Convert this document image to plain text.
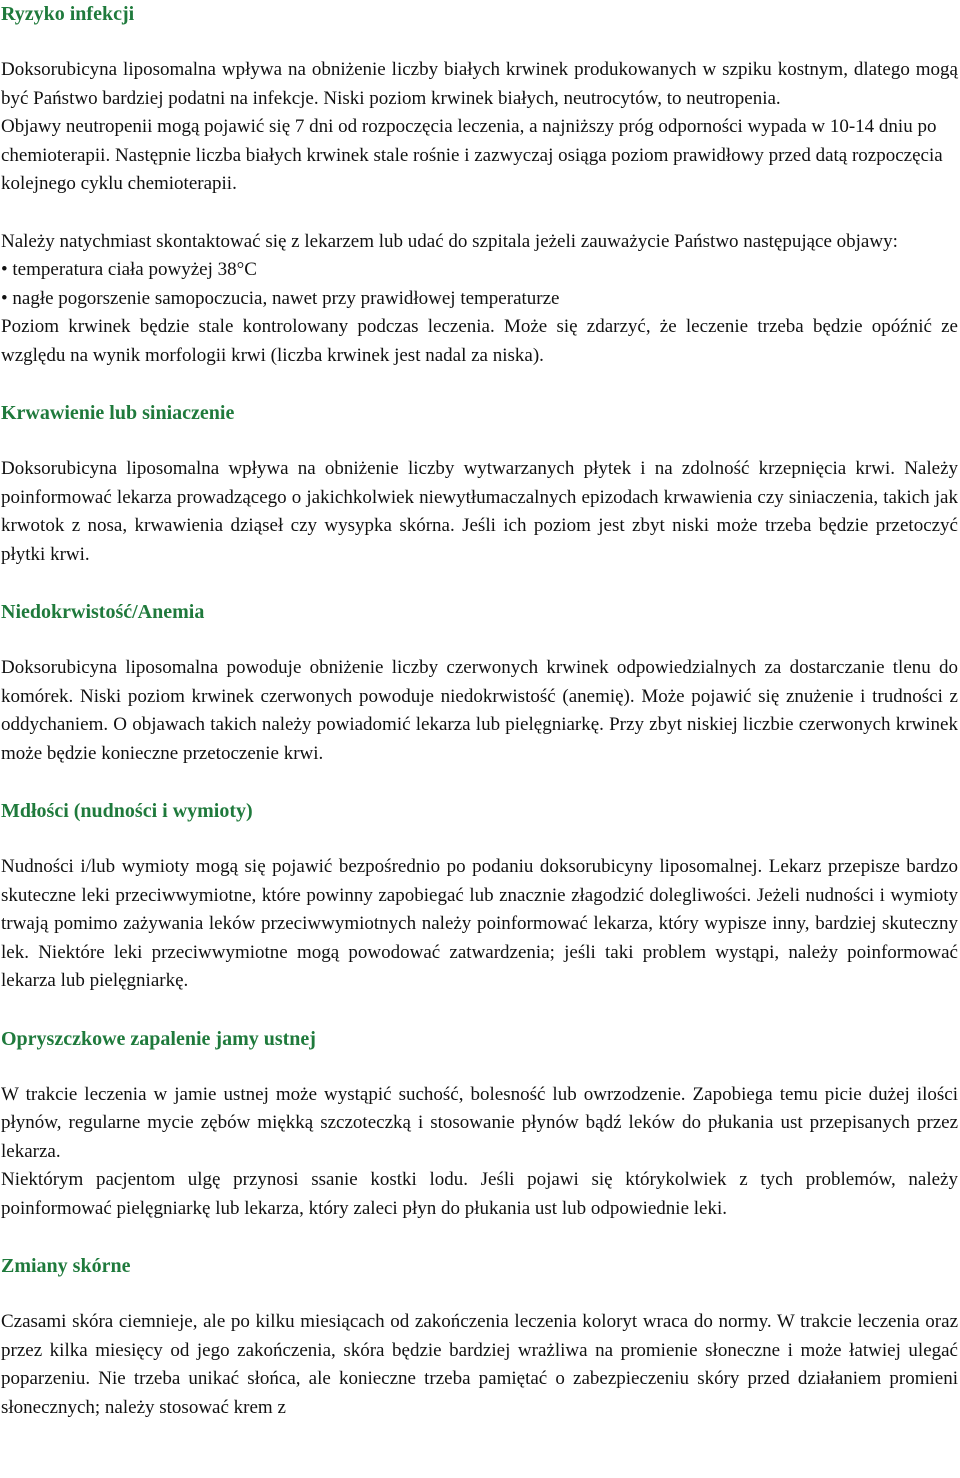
Ryzyko infekcji

Doksorubicyna liposomalna wpływa na obniżenie liczby białych krwinek produkowanych w szpiku kostnym, dlatego mogą być Państwo bardziej podatni na infekcje. Niski poziom krwinek białych, neutrocytów, to neutropenia.

Objawy neutropenii mogą pojawić się 7 dni od rozpoczęcia leczenia, a najniższy próg odporności wypada w 10-14 dniu po chemioterapii. Następnie liczba białych krwinek stale rośnie i zazwyczaj osiąga poziom prawidłowy przed datą rozpoczęcia kolejnego cyklu chemioterapii.

Należy natychmiast skontaktować się z lekarzem lub udać do szpitala jeżeli zauważycie Państwo następujące objawy:

• temperatura ciała powyżej 38°C

• nagłe pogorszenie samopoczucia, nawet przy prawidłowej temperaturze

Poziom krwinek będzie stale kontrolowany podczas leczenia. Może się zdarzyć, że leczenie trzeba będzie opóźnić ze względu na wynik morfologii krwi (liczba krwinek jest nadal za niska).

Krwawienie lub siniaczenie

Doksorubicyna liposomalna wpływa na obniżenie liczby wytwarzanych płytek i na zdolność krzepnięcia krwi. Należy poinformować lekarza prowadzącego o jakichkolwiek niewytłumaczalnych epizodach krwawienia czy siniaczenia, takich jak krwotok z nosa, krwawienia dziąseł czy wysypka skórna. Jeśli ich poziom jest zbyt niski może trzeba będzie przetoczyć płytki krwi.

Niedokrwistość/Anemia

Doksorubicyna liposomalna powoduje obniżenie liczby czerwonych krwinek odpowiedzialnych za dostarczanie tlenu do komórek. Niski poziom krwinek czerwonych powoduje niedokrwistość (anemię). Może pojawić się znużenie i trudności z oddychaniem. O objawach takich należy powiadomić lekarza lub pielęgniarkę. Przy zbyt niskiej liczbie czerwonych krwinek może będzie konieczne przetoczenie krwi.

Mdłości (nudności i wymioty)

Nudności i/lub wymioty mogą się pojawić bezpośrednio po podaniu doksorubicyny liposomalnej. Lekarz przepisze bardzo skuteczne leki przeciwwymiotne, które powinny zapobiegać lub znacznie złagodzić dolegliwości. Jeżeli nudności i wymioty trwają pomimo zażywania leków przeciwwymiotnych należy poinformować lekarza, który wypisze inny, bardziej skuteczny lek. Niektóre leki przeciwwymiotne mogą powodować zatwardzenia; jeśli taki problem wystąpi, należy poinformować lekarza lub pielęgniarkę.

Opryszczkowe zapalenie jamy ustnej

W trakcie leczenia w jamie ustnej może wystąpić suchość, bolesność lub owrzodzenie. Zapobiega temu picie dużej ilości płynów, regularne mycie zębów miękką szczoteczką i stosowanie płynów bądź leków do płukania ust przepisanych przez lekarza.

Niektórym pacjentom ulgę przynosi ssanie kostki lodu. Jeśli pojawi się którykolwiek z tych problemów, należy poinformować pielęgniarkę lub lekarza, który zaleci płyn do płukania ust lub odpowiednie leki.

Zmiany skórne

Czasami skóra ciemnieje, ale po kilku miesiącach od zakończenia leczenia koloryt wraca do normy. W trakcie leczenia oraz przez kilka miesięcy od jego zakończenia, skóra będzie bardziej wrażliwa na promienie słoneczne i może łatwiej ulegać poparzeniu. Nie trzeba unikać słońca, ale konieczne trzeba pamiętać o zabezpieczeniu skóry przed działaniem promieni słonecznych; należy stosować krem z
